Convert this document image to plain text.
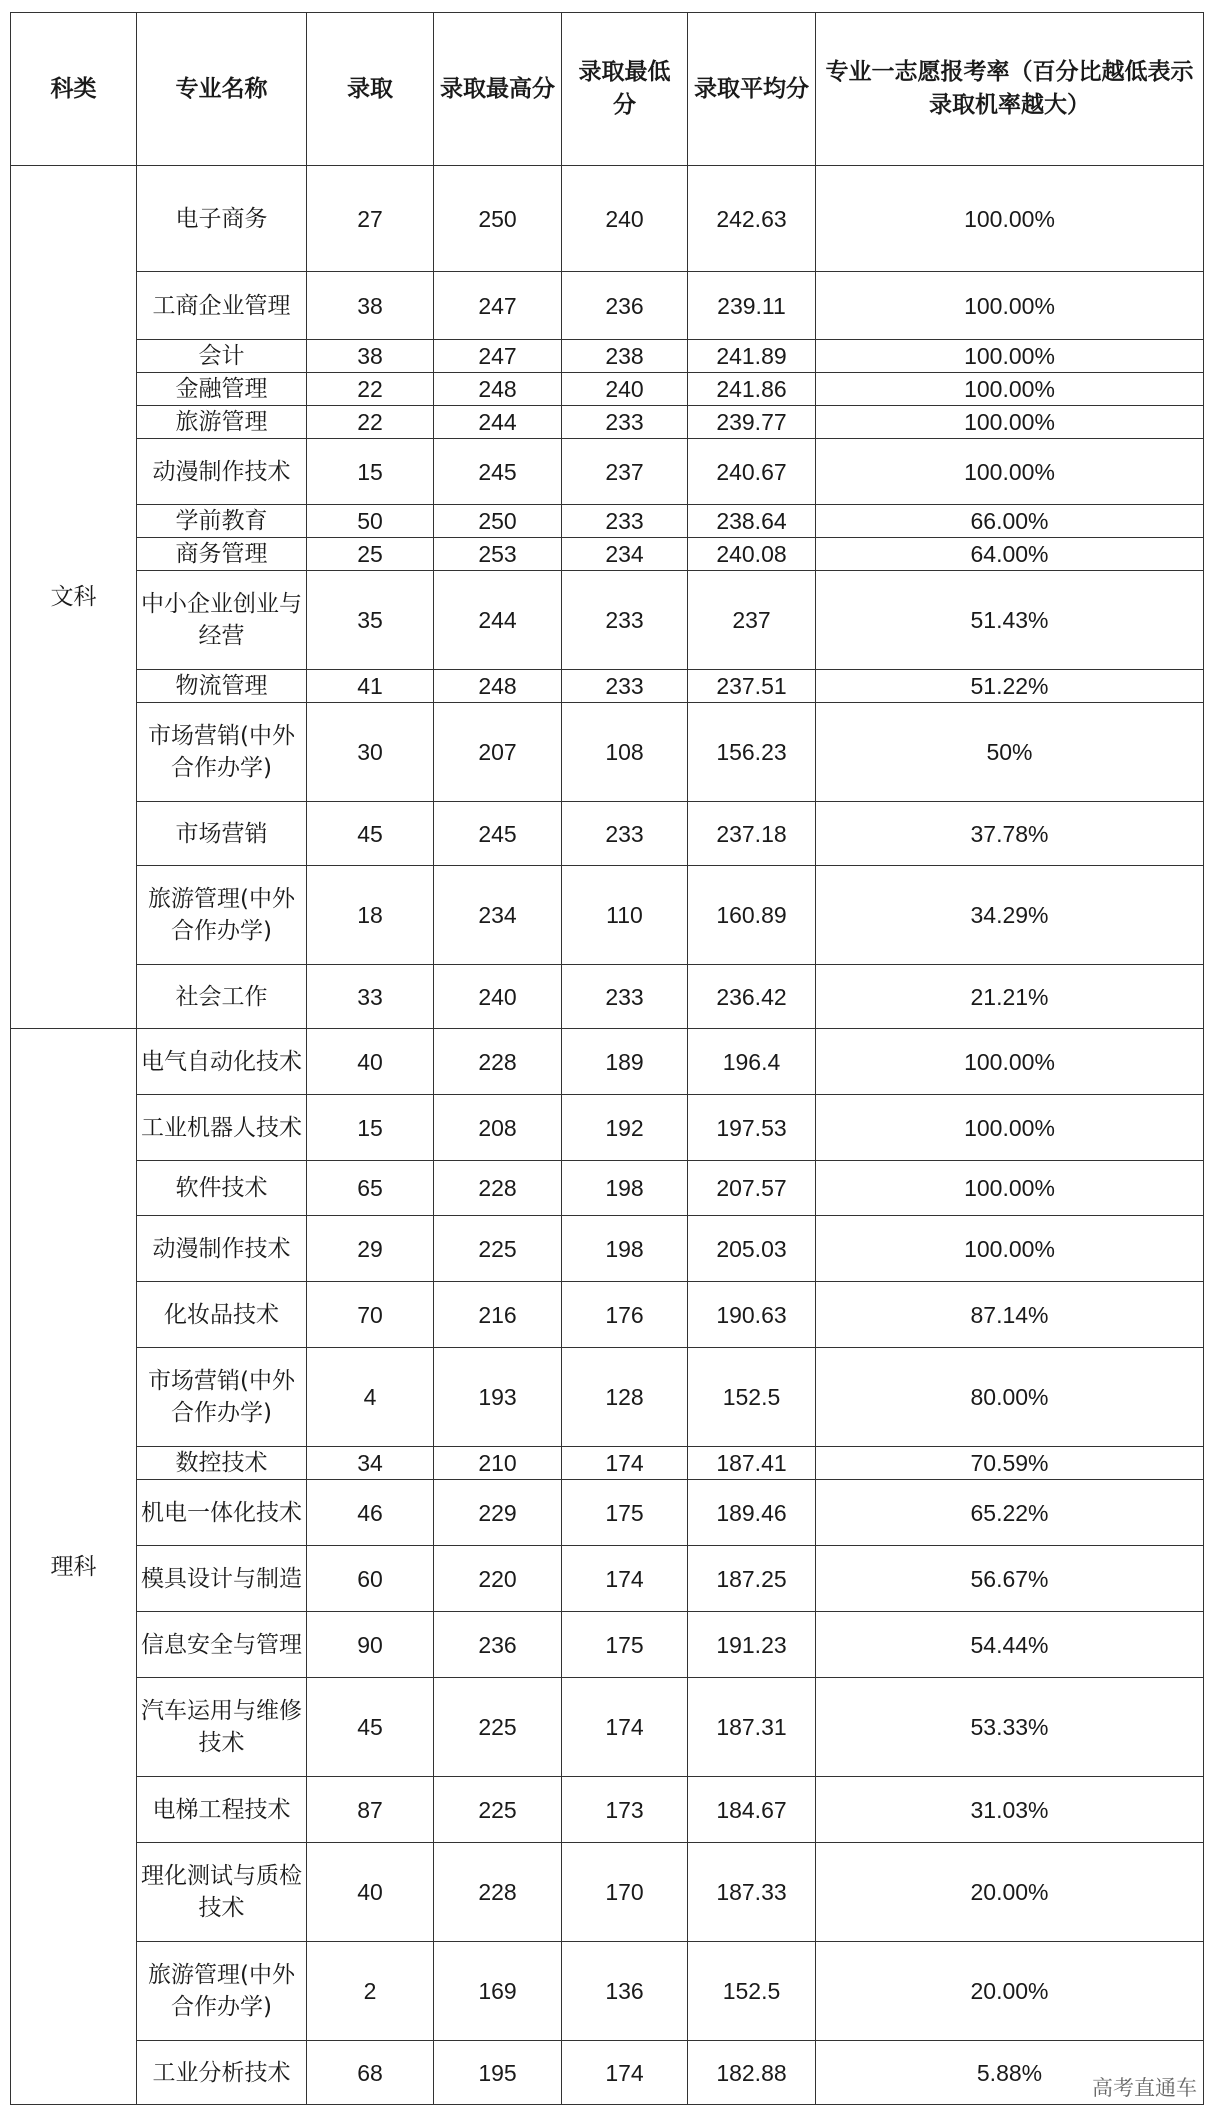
科类	专业名称	录取	录取最高分	录取最低分	录取平均分	专业一志愿报考率（百分比越低表示录取机率越大）
文科	电子商务	27	250	240	242.63	100.00%
	工商企业管理	38	247	236	239.11	100.00%
	会计	38	247	238	241.89	100.00%
	金融管理	22	248	240	241.86	100.00%
	旅游管理	22	244	233	239.77	100.00%
	动漫制作技术	15	245	237	240.67	100.00%
	学前教育	50	250	233	238.64	66.00%
	商务管理	25	253	234	240.08	64.00%
	中小企业创业与经营	35	244	233	237	51.43%
	物流管理	41	248	233	237.51	51.22%
	市场营销(中外合作办学)	30	207	108	156.23	50%
	市场营销	45	245	233	237.18	37.78%
	旅游管理(中外合作办学)	18	234	110	160.89	34.29%
	社会工作	33	240	233	236.42	21.21%
理科	电气自动化技术	40	228	189	196.4	100.00%
	工业机器人技术	15	208	192	197.53	100.00%
	软件技术	65	228	198	207.57	100.00%
	动漫制作技术	29	225	198	205.03	100.00%
	化妆品技术	70	216	176	190.63	87.14%
	市场营销(中外合作办学)	4	193	128	152.5	80.00%
	数控技术	34	210	174	187.41	70.59%
	机电一体化技术	46	229	175	189.46	65.22%
	模具设计与制造	60	220	174	187.25	56.67%
	信息安全与管理	90	236	175	191.23	54.44%
	汽车运用与维修技术	45	225	174	187.31	53.33%
	电梯工程技术	87	225	173	184.67	31.03%
	理化测试与质检技术	40	228	170	187.33	20.00%
	旅游管理(中外合作办学)	2	169	136	152.5	20.00%
	工业分析技术	68	195	174	182.88	5.88%
高考直通车
